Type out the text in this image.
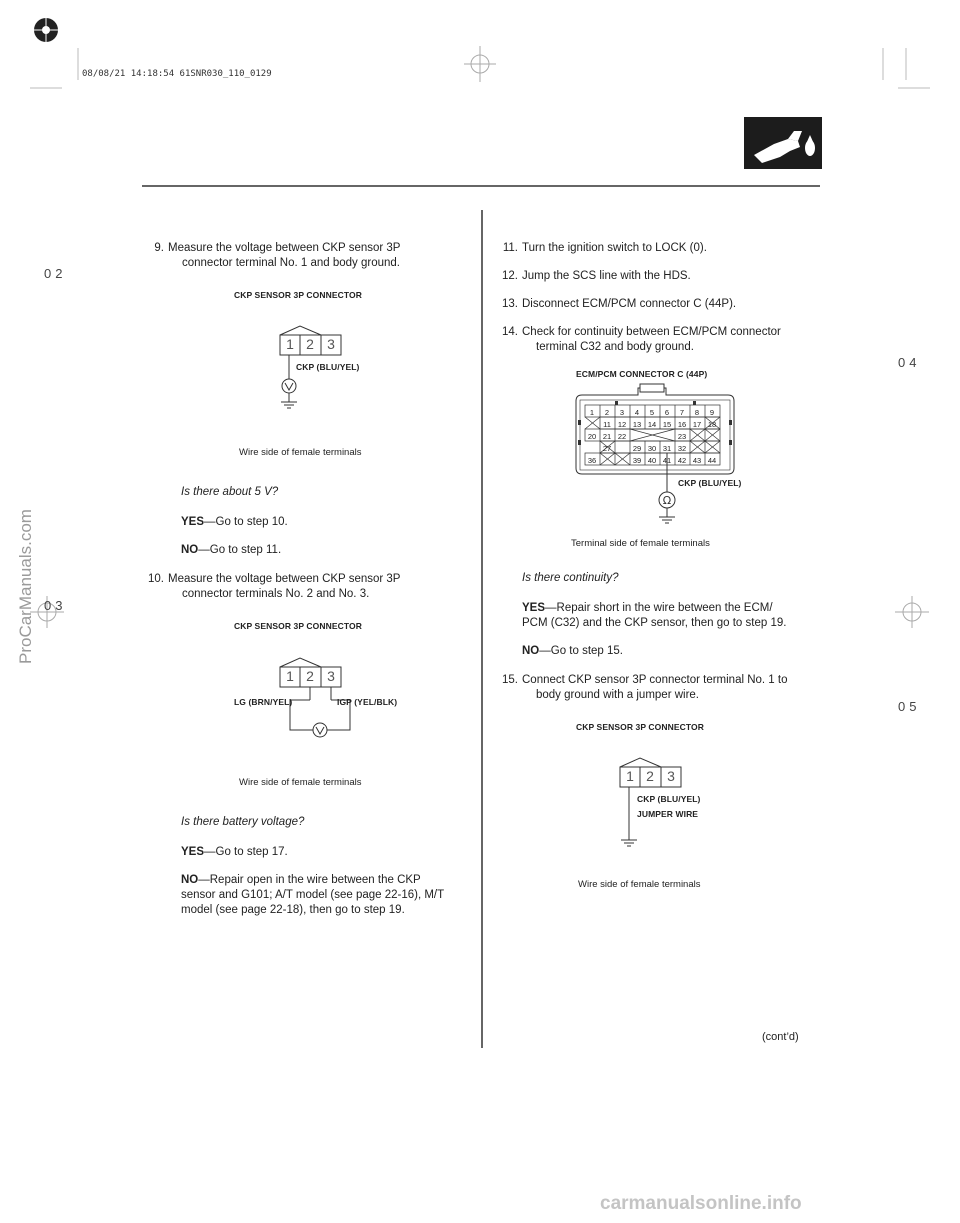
08/08/21 14:18:54 61SNR030_110_0129
02
03
04
05
9. Measure the voltage between CKP sensor 3P
connector terminal No. 1 and body ground.
CKP SENSOR 3P CONNECTOR
1 2 3
CKP (BLU/YEL)
Wire side of female terminals
Is there about 5 V?
YES—Go to step 10.
NO—Go to step 11.
10. Measure the voltage between CKP sensor 3P
connector terminals No. 2 and No. 3.
CKP SENSOR 3P CONNECTOR
1 2 3
LG (BRN/YEL)	IGP (YEL/BLK)
Wire side of female terminals
Is there battery voltage?
YES—Go to step 17.
NO—Repair open in the wire between the CKP
sensor and G101; A/T model (see page 22-16), M/T
model (see page 22-18), then go to step 19.
11. Turn the ignition switch to LOCK (0).
12. Jump the SCS line with the HDS.
13. Disconnect ECM/PCM connector C (44P).
14. Check for continuity between ECM/PCM connector
terminal C32 and body ground.
ECM/PCM CONNECTOR C (44P)
Ω
1	2	3	4	5	6	7	8	9
11 12 13 14 15 16 17 18
20 21 22	23
27	29 30 31 32
36	39 40 41 42 43 44
CKP (BLU/YEL)
Terminal side of female terminals
Is there continuity?
YES—Repair short in the wire between the ECM/
PCM (C32) and the CKP sensor, then go to step 19.
NO—Go to step 15.
15. Connect CKP sensor 3P connector terminal No. 1 to
body ground with a jumper wire.
CKP SENSOR 3P CONNECTOR
1 2 3
CKP (BLU/YEL)
JUMPER WIRE
Wire side of female terminals
(cont’d)
ProCarManuals.com
carmanualsonline.info
